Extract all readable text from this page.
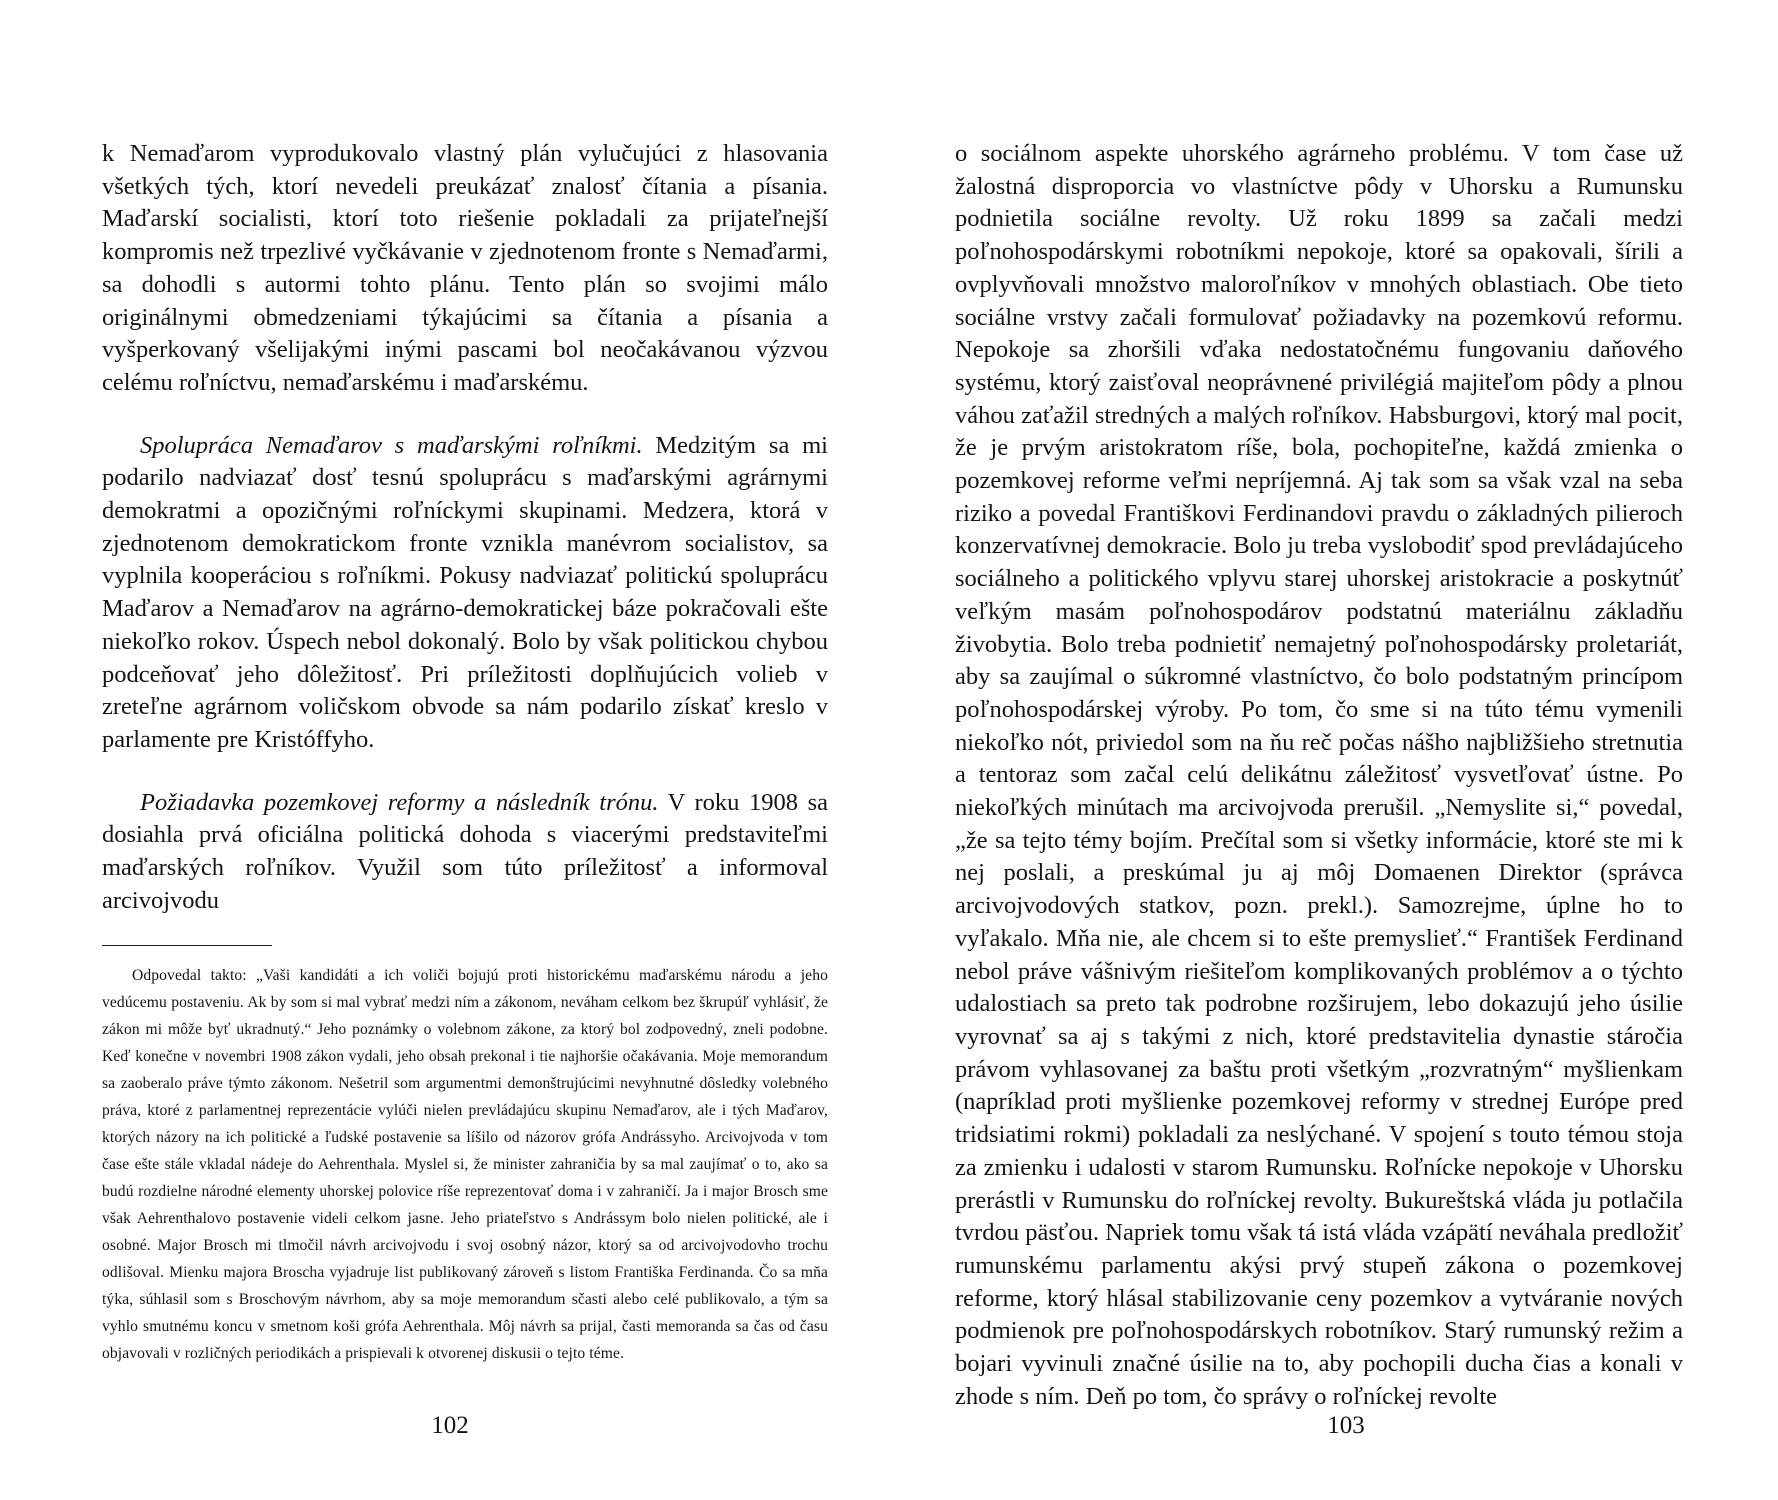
k Nemaďarom vyprodukovalo vlastný plán vylučujúci z hlasovania všetkých tých, ktorí nevedeli preukázať znalosť čítania a písania. Maďarskí socialisti, ktorí toto riešenie pokladali za prijateľnejší kompromis než trpezlivé vyčkávanie v zjednotenom fronte s Nemaďarmi, sa dohodli s autormi tohto plánu. Tento plán so svojimi málo originálnymi obmedzeniami týkajúcimi sa čítania a písania a vyšperkovaný všelijakými inými pascami bol neočakávanou výzvou celému roľníctvu, nemaďarskému i maďarskému.

Spolupráca Nemaďarov s maďarskými roľníkmi. Medzitým sa mi podarilo nadviazať dosť tesnú spoluprácu s maďarskými agrárnymi demokratmi a opozičnými roľníckymi skupinami. Medzera, ktorá v zjednotenom demokratickom fronte vznikla manévrom socialistov, sa vyplnila kooperáciou s roľníkmi. Pokusy nadviazať politickú spoluprácu Maďarov a Nemaďarov na agrárno-demokratickej báze pokračovali ešte niekoľko rokov. Úspech nebol dokonalý. Bolo by však politickou chybou podceňovať jeho dôležitosť. Pri príležitosti doplňujúcich volieb v zreteľne agrárnom voličskom obvode sa nám podarilo získať kreslo v parlamente pre Kristóffyho.

Požiadavka pozemkovej reformy a následník trónu. V roku 1908 sa dosiahla prvá oficiálna politická dohoda s viacerými predstaviteľmi maďarských roľníkov. Využil som túto príležitosť a informoval arcivojvodu

Odpovedal takto: „Vaši kandidáti a ich voliči bojujú proti historickému maďarskému národu a jeho vedúcemu postaveniu. Ak by som si mal vybrať medzi ním a zákonom, neváham celkom bez škrupúľ vyhlásiť, že zákon mi môže byť ukradnutý.“ Jeho poznámky o volebnom zákone, za ktorý bol zodpovedný, zneli podobne. Keď konečne v novembri 1908 zákon vydali, jeho obsah prekonal i tie najhoršie očakávania. Moje memorandum sa zaoberalo práve týmto zákonom. Nešetril som argumentmi demonštrujúcimi nevyhnutné dôsledky volebného práva, ktoré z parlamentnej reprezentácie vylúči nielen prevládajúcu skupinu Nemaďarov, ale i tých Maďarov, ktorých názory na ich politické a ľudské postavenie sa líšilo od názorov grófa Andrássyho. Arcivojvoda v tom čase ešte stále vkladal nádeje do Aehrenthala. Myslel si, že minister zahraničia by sa mal zaujímať o to, ako sa budú rozdielne národné elementy uhorskej polovice ríše reprezentovať doma i v zahraničí. Ja i major Brosch sme však Aehrenthalovo postavenie videli celkom jasne. Jeho priateľstvo s Andrássym bolo nielen politické, ale i osobné. Major Brosch mi tlmočil návrh arcivojvodu i svoj osobný názor, ktorý sa od arcivojvodovho trochu odlišoval. Mienku majora Broscha vyjadruje list publikovaný zároveň s listom Františka Ferdinanda. Čo sa mňa týka, súhlasil som s Broschovým návrhom, aby sa moje memorandum sčasti alebo celé publikovalo, a tým sa vyhlo smutnému koncu v smetnom koši grófa Aehrenthala. Môj návrh sa prijal, časti memoranda sa čas od času objavovali v rozličných periodikách a prispievali k otvorenej diskusii o tejto téme.

102

o sociálnom aspekte uhorského agrárneho problému. V tom čase už žalostná disproporcia vo vlastníctve pôdy v Uhorsku a Rumunsku podnietila sociálne revolty. Už roku 1899 sa začali medzi poľnohospodárskymi robotníkmi nepokoje, ktoré sa opakovali, šírili a ovplyvňovali množstvo maloroľníkov v mnohých oblastiach. Obe tieto sociálne vrstvy začali formulovať požiadavky na pozemkovú reformu. Nepokoje sa zhoršili vďaka nedostatočnému fungovaniu daňového systému, ktorý zaisťoval neoprávnené privilégiá majiteľom pôdy a plnou váhou zaťažil stredných a malých roľníkov. Habsburgovi, ktorý mal pocit, že je prvým aristokratom ríše, bola, pochopiteľne, každá zmienka o pozemkovej reforme veľmi nepríjemná. Aj tak som sa však vzal na seba riziko a povedal Františkovi Ferdinandovi pravdu o základných pilieroch konzervatívnej demokracie. Bolo ju treba vyslobodiť spod prevládajúceho sociálneho a politického vplyvu starej uhorskej aristokracie a poskytnúť veľkým masám poľnohospodárov podstatnú materiálnu základňu živobytia. Bolo treba podnietiť nemajetný poľnohospodársky proletariát, aby sa zaujímal o súkromné vlastníctvo, čo bolo podstatným princípom poľnohospodárskej výroby. Po tom, čo sme si na túto tému vymenili niekoľko nót, priviedol som na ňu reč počas nášho najbližšieho stretnutia a tentoraz som začal celú delikátnu záležitosť vysvetľovať ústne. Po niekoľkých minútach ma arcivojvoda prerušil. „Nemyslite si,“ povedal, „že sa tejto témy bojím. Prečítal som si všetky informácie, ktoré ste mi k nej poslali, a preskúmal ju aj môj Domaenen Direktor (správca arcivojvodových statkov, pozn. prekl.). Samozrejme, úplne ho to vyľakalo. Mňa nie, ale chcem si to ešte premyslieť.“ František Ferdinand nebol práve vášnivým riešiteľom komplikovaných problémov a o týchto udalostiach sa preto tak podrobne rozširujem, lebo dokazujú jeho úsilie vyrovnať sa aj s takými z nich, ktoré predstavitelia dynastie stáročia právom vyhlasovanej za baštu proti všetkým „rozvratným“ myšlienkam (napríklad proti myšlienke pozemkovej reformy v strednej Európe pred tridsiatimi rokmi) pokladali za neslýchané. V spojení s touto témou stoja za zmienku i udalosti v starom Rumunsku. Roľnícke nepokoje v Uhorsku prerástli v Rumunsku do roľníckej revolty. Bukureštská vláda ju potlačila tvrdou päsťou. Napriek tomu však tá istá vláda vzápätí neváhala predložiť rumunskému parlamentu akýsi prvý stupeň zákona o pozemkovej reforme, ktorý hlásal stabilizovanie ceny pozemkov a vytváranie nových podmienok pre poľnohospodárskych robotníkov. Starý rumunský režim a bojari vyvinuli značné úsilie na to, aby pochopili ducha čias a konali v zhode s ním. Deň po tom, čo správy o roľníckej revolte

103
